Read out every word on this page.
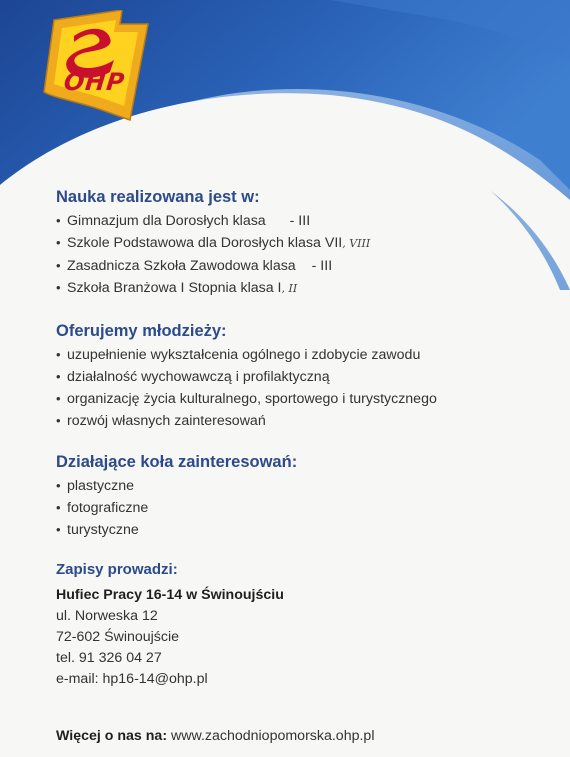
OHP
Nauka realizowana jest w:
• Gimnazjum dla Dorosłych klasa - III
• Szkole Podstawowa dla Dorosłych klasa VII, VIII
• Zasadnicza Szkoła Zawodowa klasa - III
• Szkoła Branżowa I Stopnia klasa I, II
Oferujemy młodzieży:
• uzupełnienie wykształcenia ogólnego i zdobycie zawodu
• działalność wychowawczą i profilaktyczną
• organizację życia kulturalnego, sportowego i turystycznego
• rozwój własnych zainteresowań
Działające koła zainteresowań:
• plastyczne
• fotograficzne
• turystyczne
Zapisy prowadzi:
Hufiec Pracy 16-14 w Świnoujściu
ul. Norweska 12
72-602 Świnoujście
tel. 91 326 04 27
e-mail: hp16-14@ohp.pl
Więcej o nas na: www.zachodniopomorska.ohp.pl
